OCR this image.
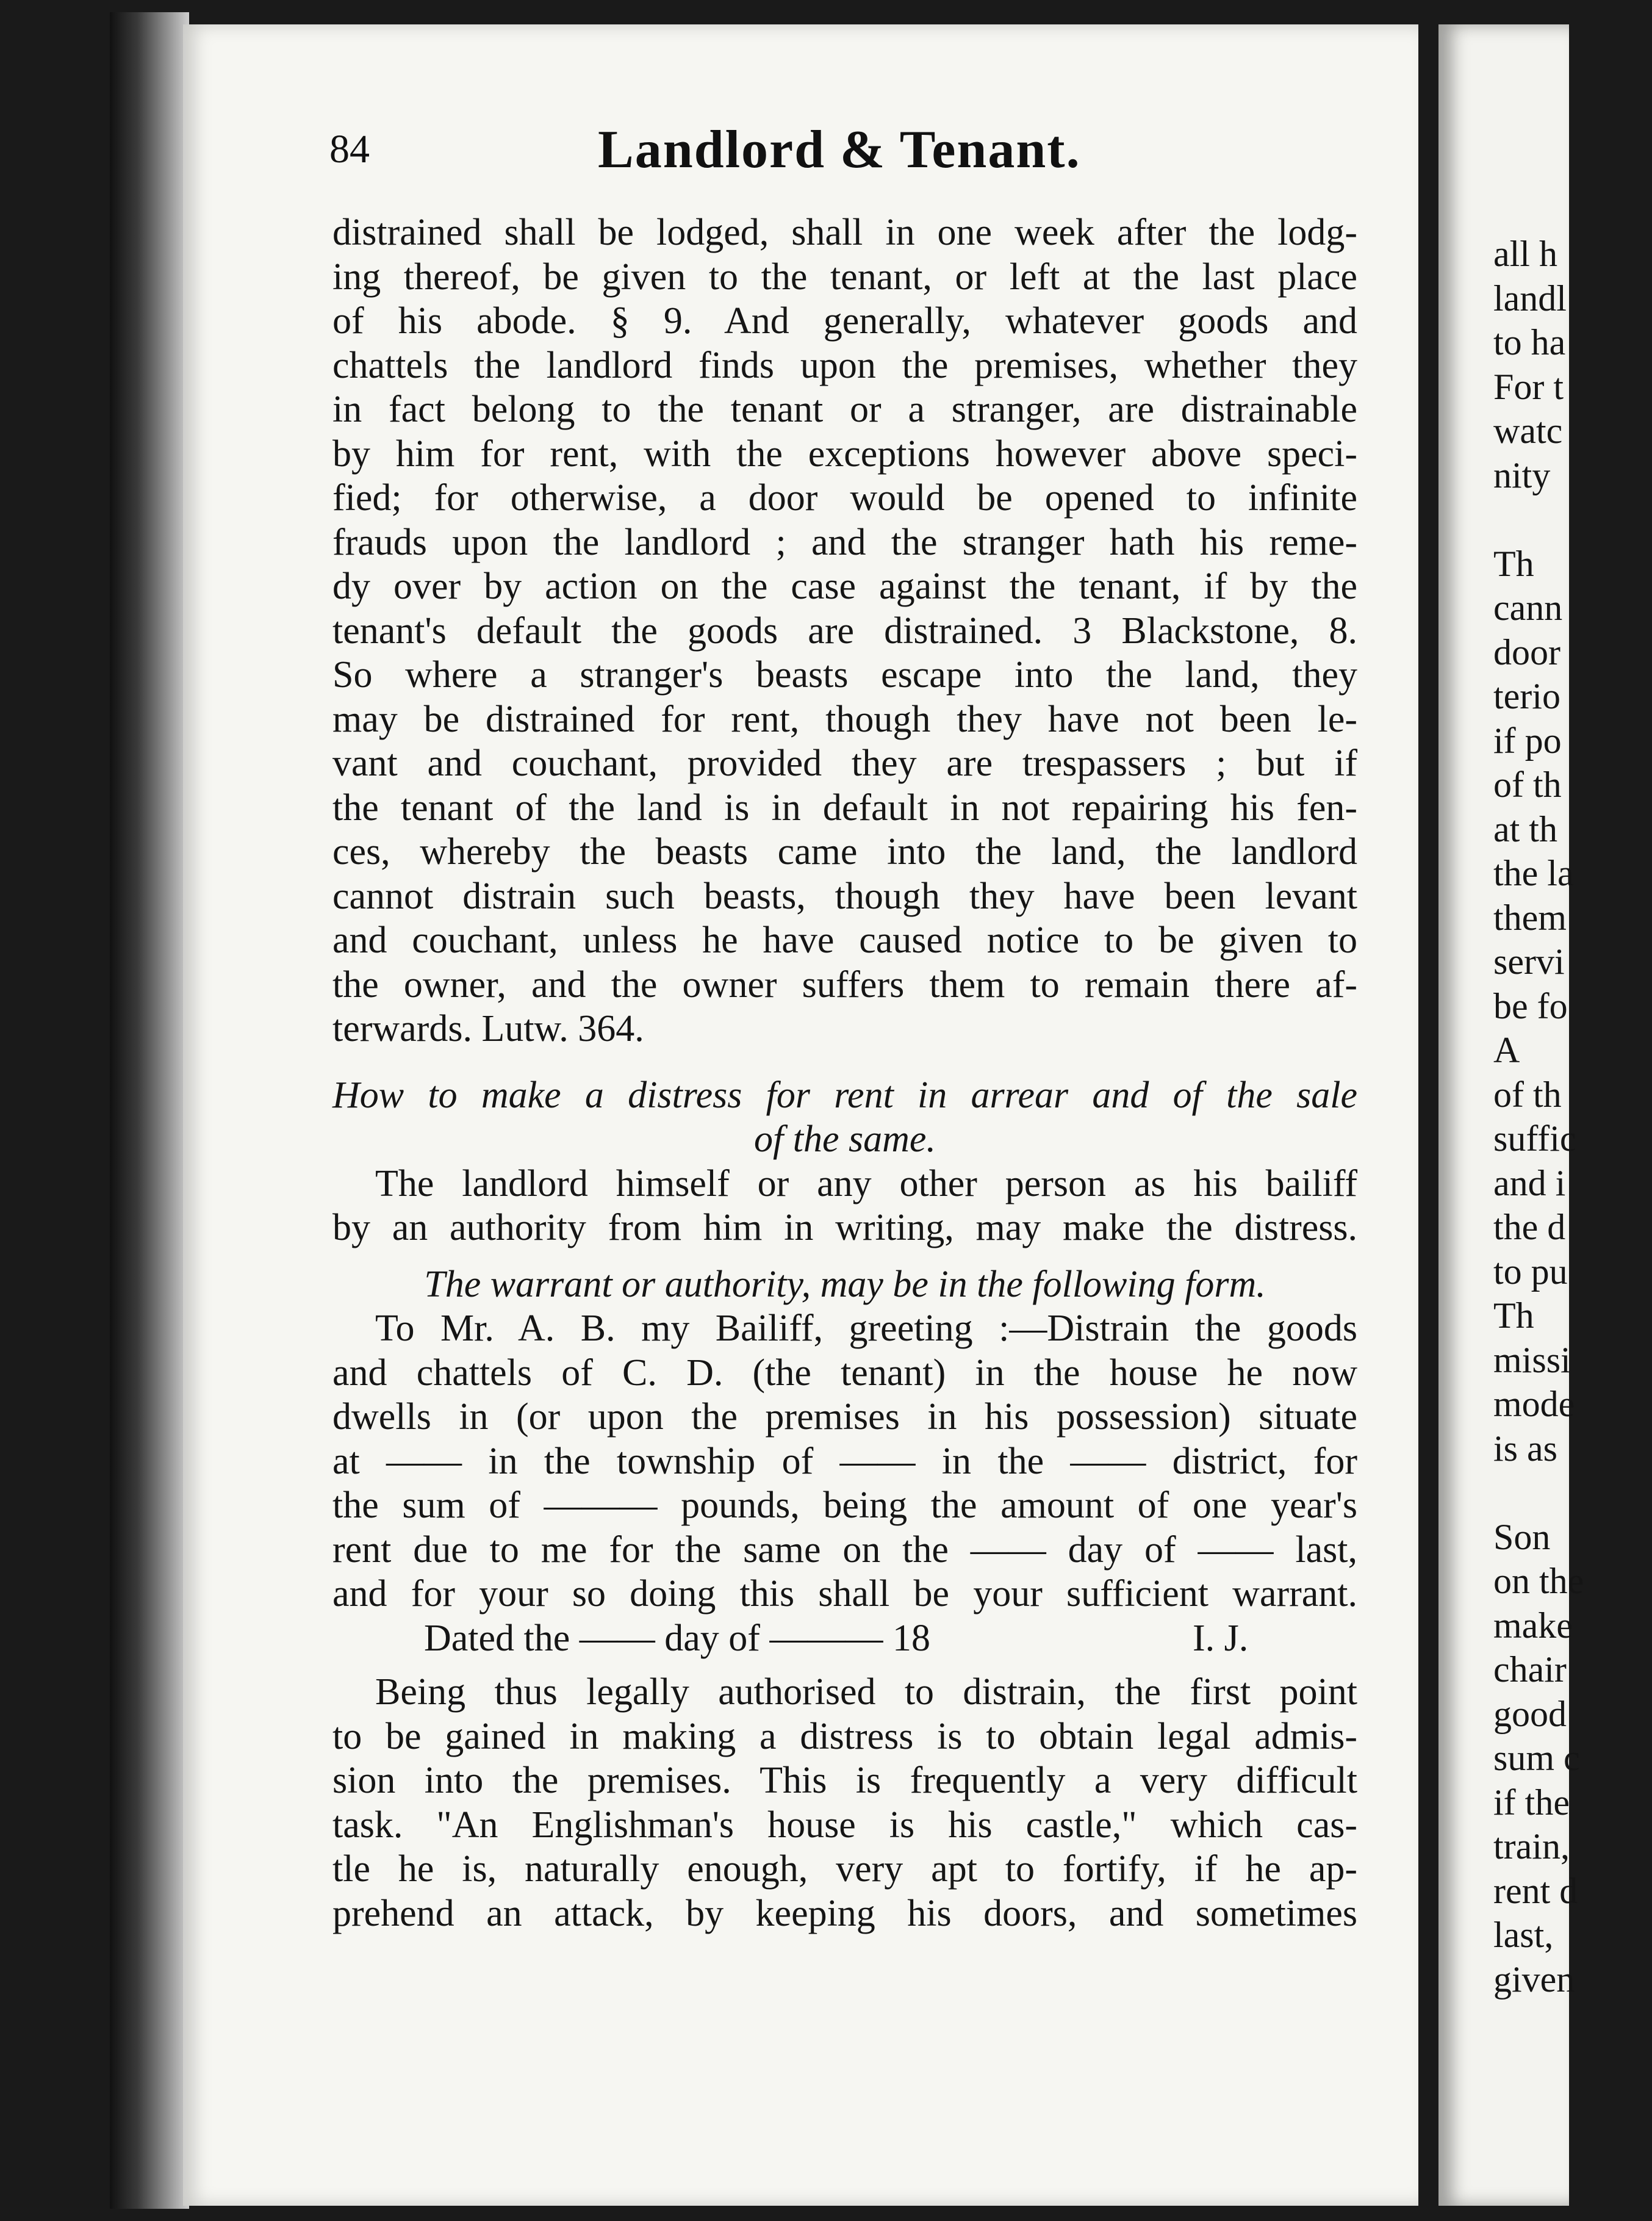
all h
landl
to ha
For t
watc
nity
Th
cann
door
terio
if po
of th
at th
the la
them
servi
be fo
A
of th
suffic
and i
the d
to pu
Th
missi
mode
is as
Son
on the
make
chair
good
sum c
if the
train,
rent d
last,
given
84	Landlord & Tenant.
distrained shall be lodged, shall in one week after the lodg-
ing thereof, be given to the tenant, or left at the last place
of his abode. § 9. And generally, whatever goods and
chattels the landlord finds upon the premises, whether they
in fact belong to the tenant or a stranger, are distrainable
by him for rent, with the exceptions however above speci-
fied; for otherwise, a door would be opened to infinite
frauds upon the landlord ; and the stranger hath his reme-
dy over by action on the case against the tenant, if by the
tenant's default the goods are distrained. 3 Blackstone, 8.
So where a stranger's beasts escape into the land, they
may be distrained for rent, though they have not been le-
vant and couchant, provided they are trespassers ; but if
the tenant of the land is in default in not repairing his fen-
ces, whereby the beasts came into the land, the landlord
cannot distrain such beasts, though they have been levant
and couchant, unless he have caused notice to be given to
the owner, and the owner suffers them to remain there af-
terwards. Lutw. 364.
How to make a distress for rent in arrear and of the sale
of the same.
The landlord himself or any other person as his bailiff
by an authority from him in writing, may make the distress.
The warrant or authority, may be in the following form.
To Mr. A. B. my Bailiff, greeting :—Distrain the goods
and chattels of C. D. (the tenant) in the house he now
dwells in (or upon the premises in his possession) situate
at —— in the township of —— in the —— district, for
the sum of ——— pounds, being the amount of one year's
rent due to me for the same on the —— day of —— last,
and for your so doing this shall be your sufficient warrant.
Dated the —— day of ——— 18	I. J.
Being thus legally authorised to distrain, the first point
to be gained in making a distress is to obtain legal admis-
sion into the premises. This is frequently a very difficult
task. "An Englishman's house is his castle," which cas-
tle he is, naturally enough, very apt to fortify, if he ap-
prehend an attack, by keeping his doors, and sometimes
